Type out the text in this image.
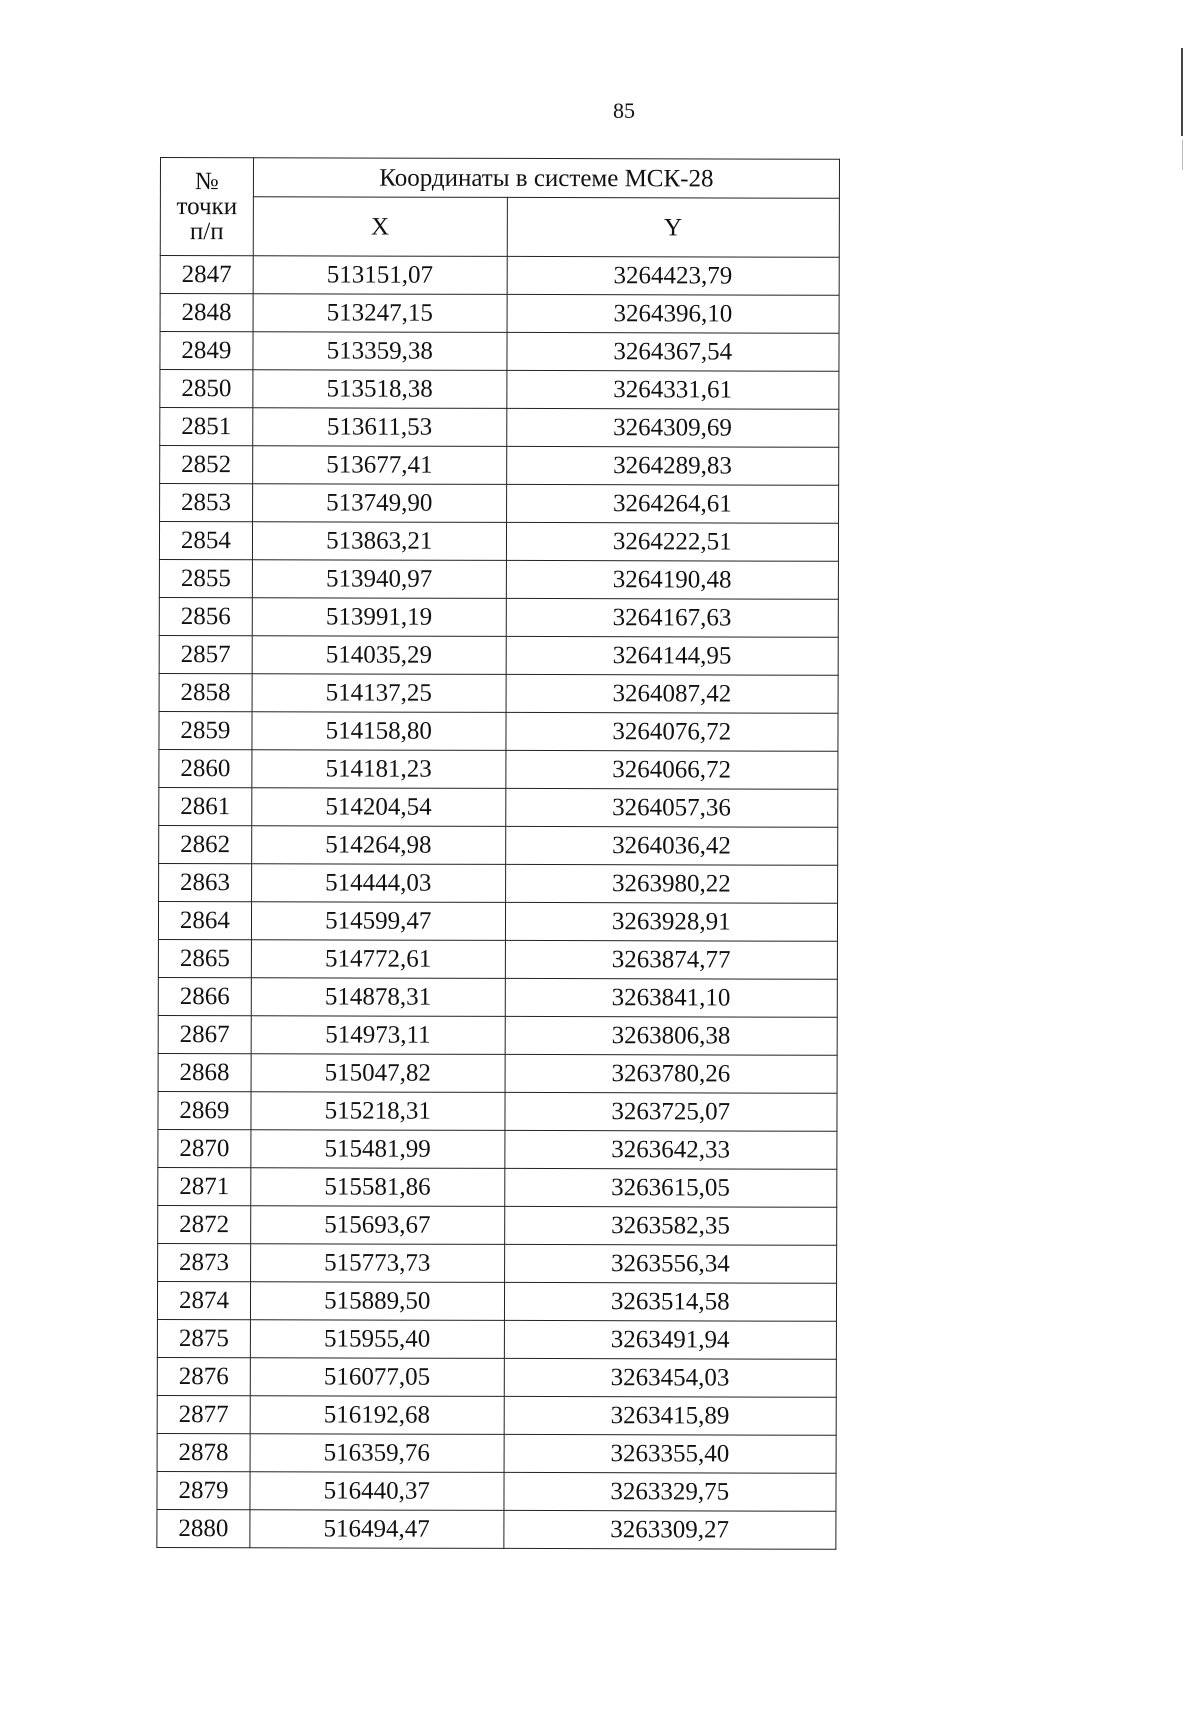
85
№
точки
п/п	Координаты в системе МСК-28	
	X	Y
2847	513151,07	3264423,79
2848	513247,15	3264396,10
2849	513359,38	3264367,54
2850	513518,38	3264331,61
2851	513611,53	3264309,69
2852	513677,41	3264289,83
2853	513749,90	3264264,61
2854	513863,21	3264222,51
2855	513940,97	3264190,48
2856	513991,19	3264167,63
2857	514035,29	3264144,95
2858	514137,25	3264087,42
2859	514158,80	3264076,72
2860	514181,23	3264066,72
2861	514204,54	3264057,36
2862	514264,98	3264036,42
2863	514444,03	3263980,22
2864	514599,47	3263928,91
2865	514772,61	3263874,77
2866	514878,31	3263841,10
2867	514973,11	3263806,38
2868	515047,82	3263780,26
2869	515218,31	3263725,07
2870	515481,99	3263642,33
2871	515581,86	3263615,05
2872	515693,67	3263582,35
2873	515773,73	3263556,34
2874	515889,50	3263514,58
2875	515955,40	3263491,94
2876	516077,05	3263454,03
2877	516192,68	3263415,89
2878	516359,76	3263355,40
2879	516440,37	3263329,75
2880	516494,47	3263309,27
